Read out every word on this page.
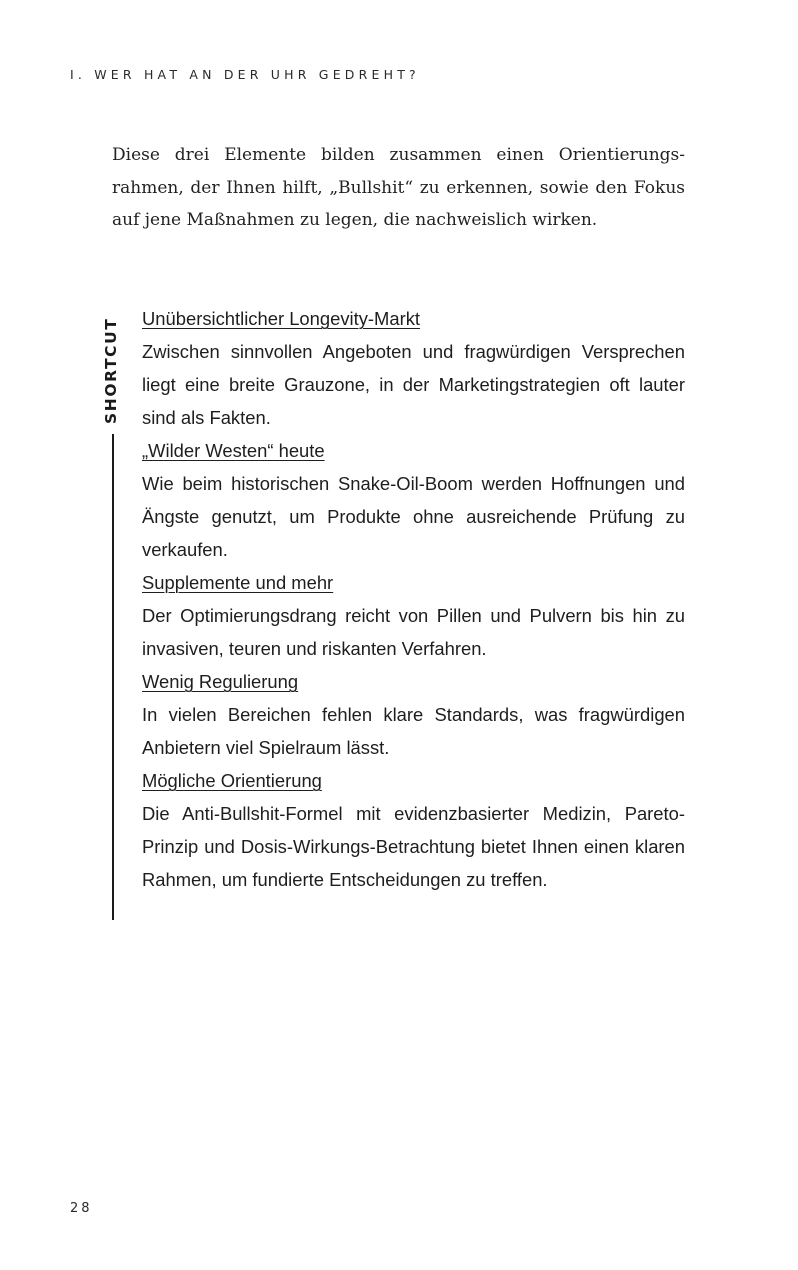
I. WER HAT AN DER UHR GEDREHT?

Diese drei Elemente bilden zusammen einen Orientierungsrahmen, der Ihnen hilft, „Bullshit“ zu erkennen, sowie den Fokus auf jene Maßnahmen zu legen, die nachweislich wirken.

SHORTCUT	Unübersichtlicher Longevity-Markt

Zwischen sinnvollen Angeboten und fragwürdigen Versprechen liegt eine breite Grauzone, in der Marketingstrategien oft lauter sind als Fakten.

„Wilder Westen“ heute

Wie beim historischen Snake-Oil-Boom werden Hoffnungen und Ängste genutzt, um Produkte ohne ausreichende Prüfung zu verkaufen.

Supplemente und mehr

Der Optimierungsdrang reicht von Pillen und Pulvern bis hin zu invasiven, teuren und riskanten Verfahren.

Wenig Regulierung

In vielen Bereichen fehlen klare Standards, was fragwürdigen Anbietern viel Spielraum lässt.

Mögliche Orientierung

Die Anti-Bullshit-Formel mit evidenzbasierter Medizin, Pareto-Prinzip und Dosis-Wirkungs-Betrachtung bietet Ihnen einen klaren Rahmen, um fundierte Entscheidungen zu treffen.

28
